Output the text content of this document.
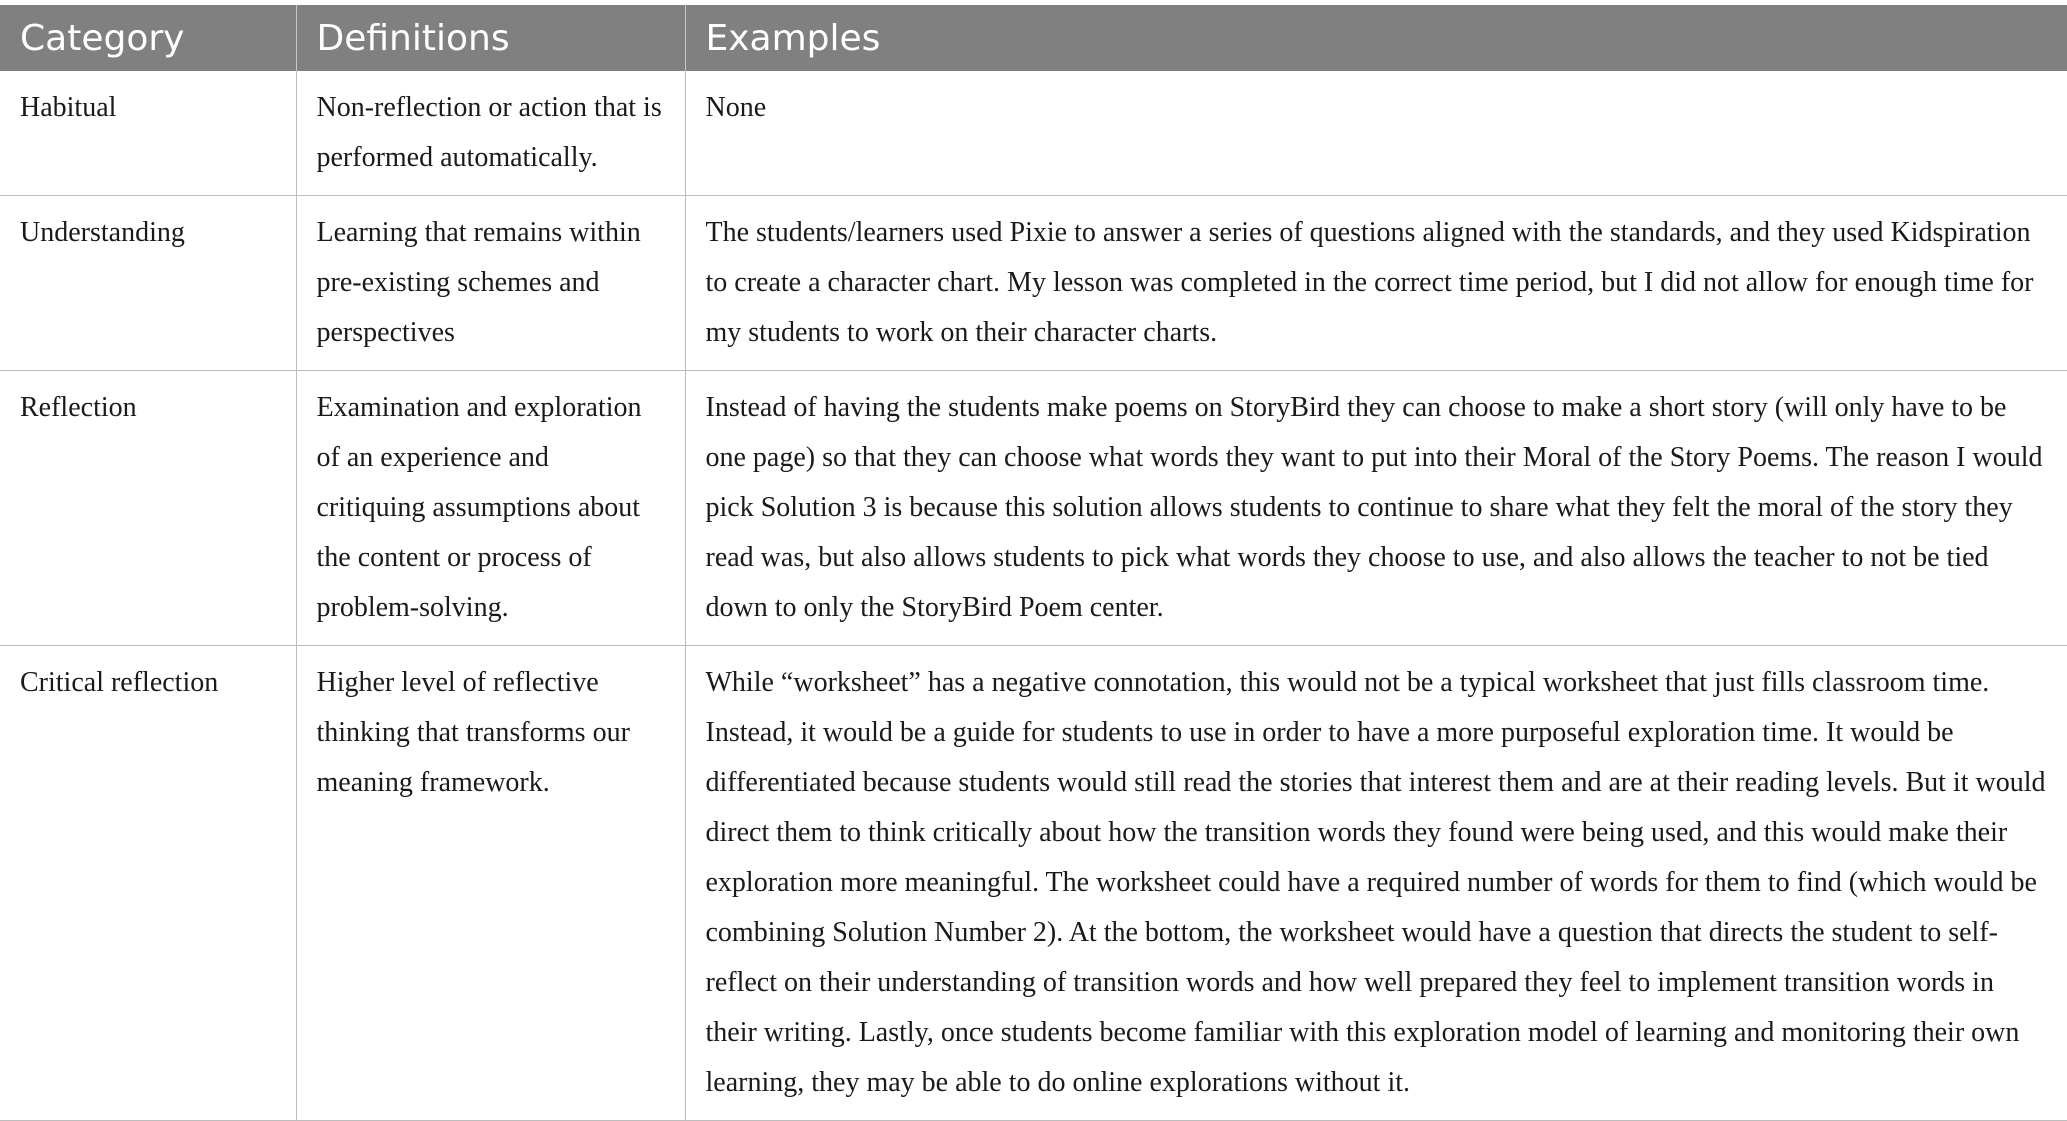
Category	Definitions	Examples
Habitual	Non-reflection or action that is performed automatically.	None
Understanding	Learning that remains within pre-existing schemes and perspectives	The students/learners used Pixie to answer a series of questions aligned with the standards, and they used Kidspiration to create a character chart. My lesson was completed in the correct time period, but I did not allow for enough time for my students to work on their character charts.
Reflection	Examination and exploration of an experience and critiquing assumptions about the content or process of problem-solving.	Instead of having the students make poems on StoryBird they can choose to make a short story (will only have to be one page) so that they can choose what words they want to put into their Moral of the Story Poems. The reason I would pick Solution 3 is because this solution allows students to continue to share what they felt the moral of the story they read was, but also allows students to pick what words they choose to use, and also allows the teacher to not be tied down to only the StoryBird Poem center.
Critical reflection	Higher level of reflective thinking that transforms our meaning framework.	While “worksheet” has a negative connotation, this would not be a typical worksheet that just fills classroom time. Instead, it would be a guide for students to use in order to have a more purposeful exploration time. It would be differentiated because students would still read the stories that interest them and are at their reading levels. But it would direct them to think critically about how the transition words they found were being used, and this would make their exploration more meaningful. The worksheet could have a required number of words for them to find (which would be combining Solution Number 2). At the bottom, the worksheet would have a question that directs the student to self-reflect on their understanding of transition words and how well prepared they feel to implement transition words in their writing. Lastly, once students become familiar with this exploration model of learning and monitoring their own learning, they may be able to do online explorations without it.
